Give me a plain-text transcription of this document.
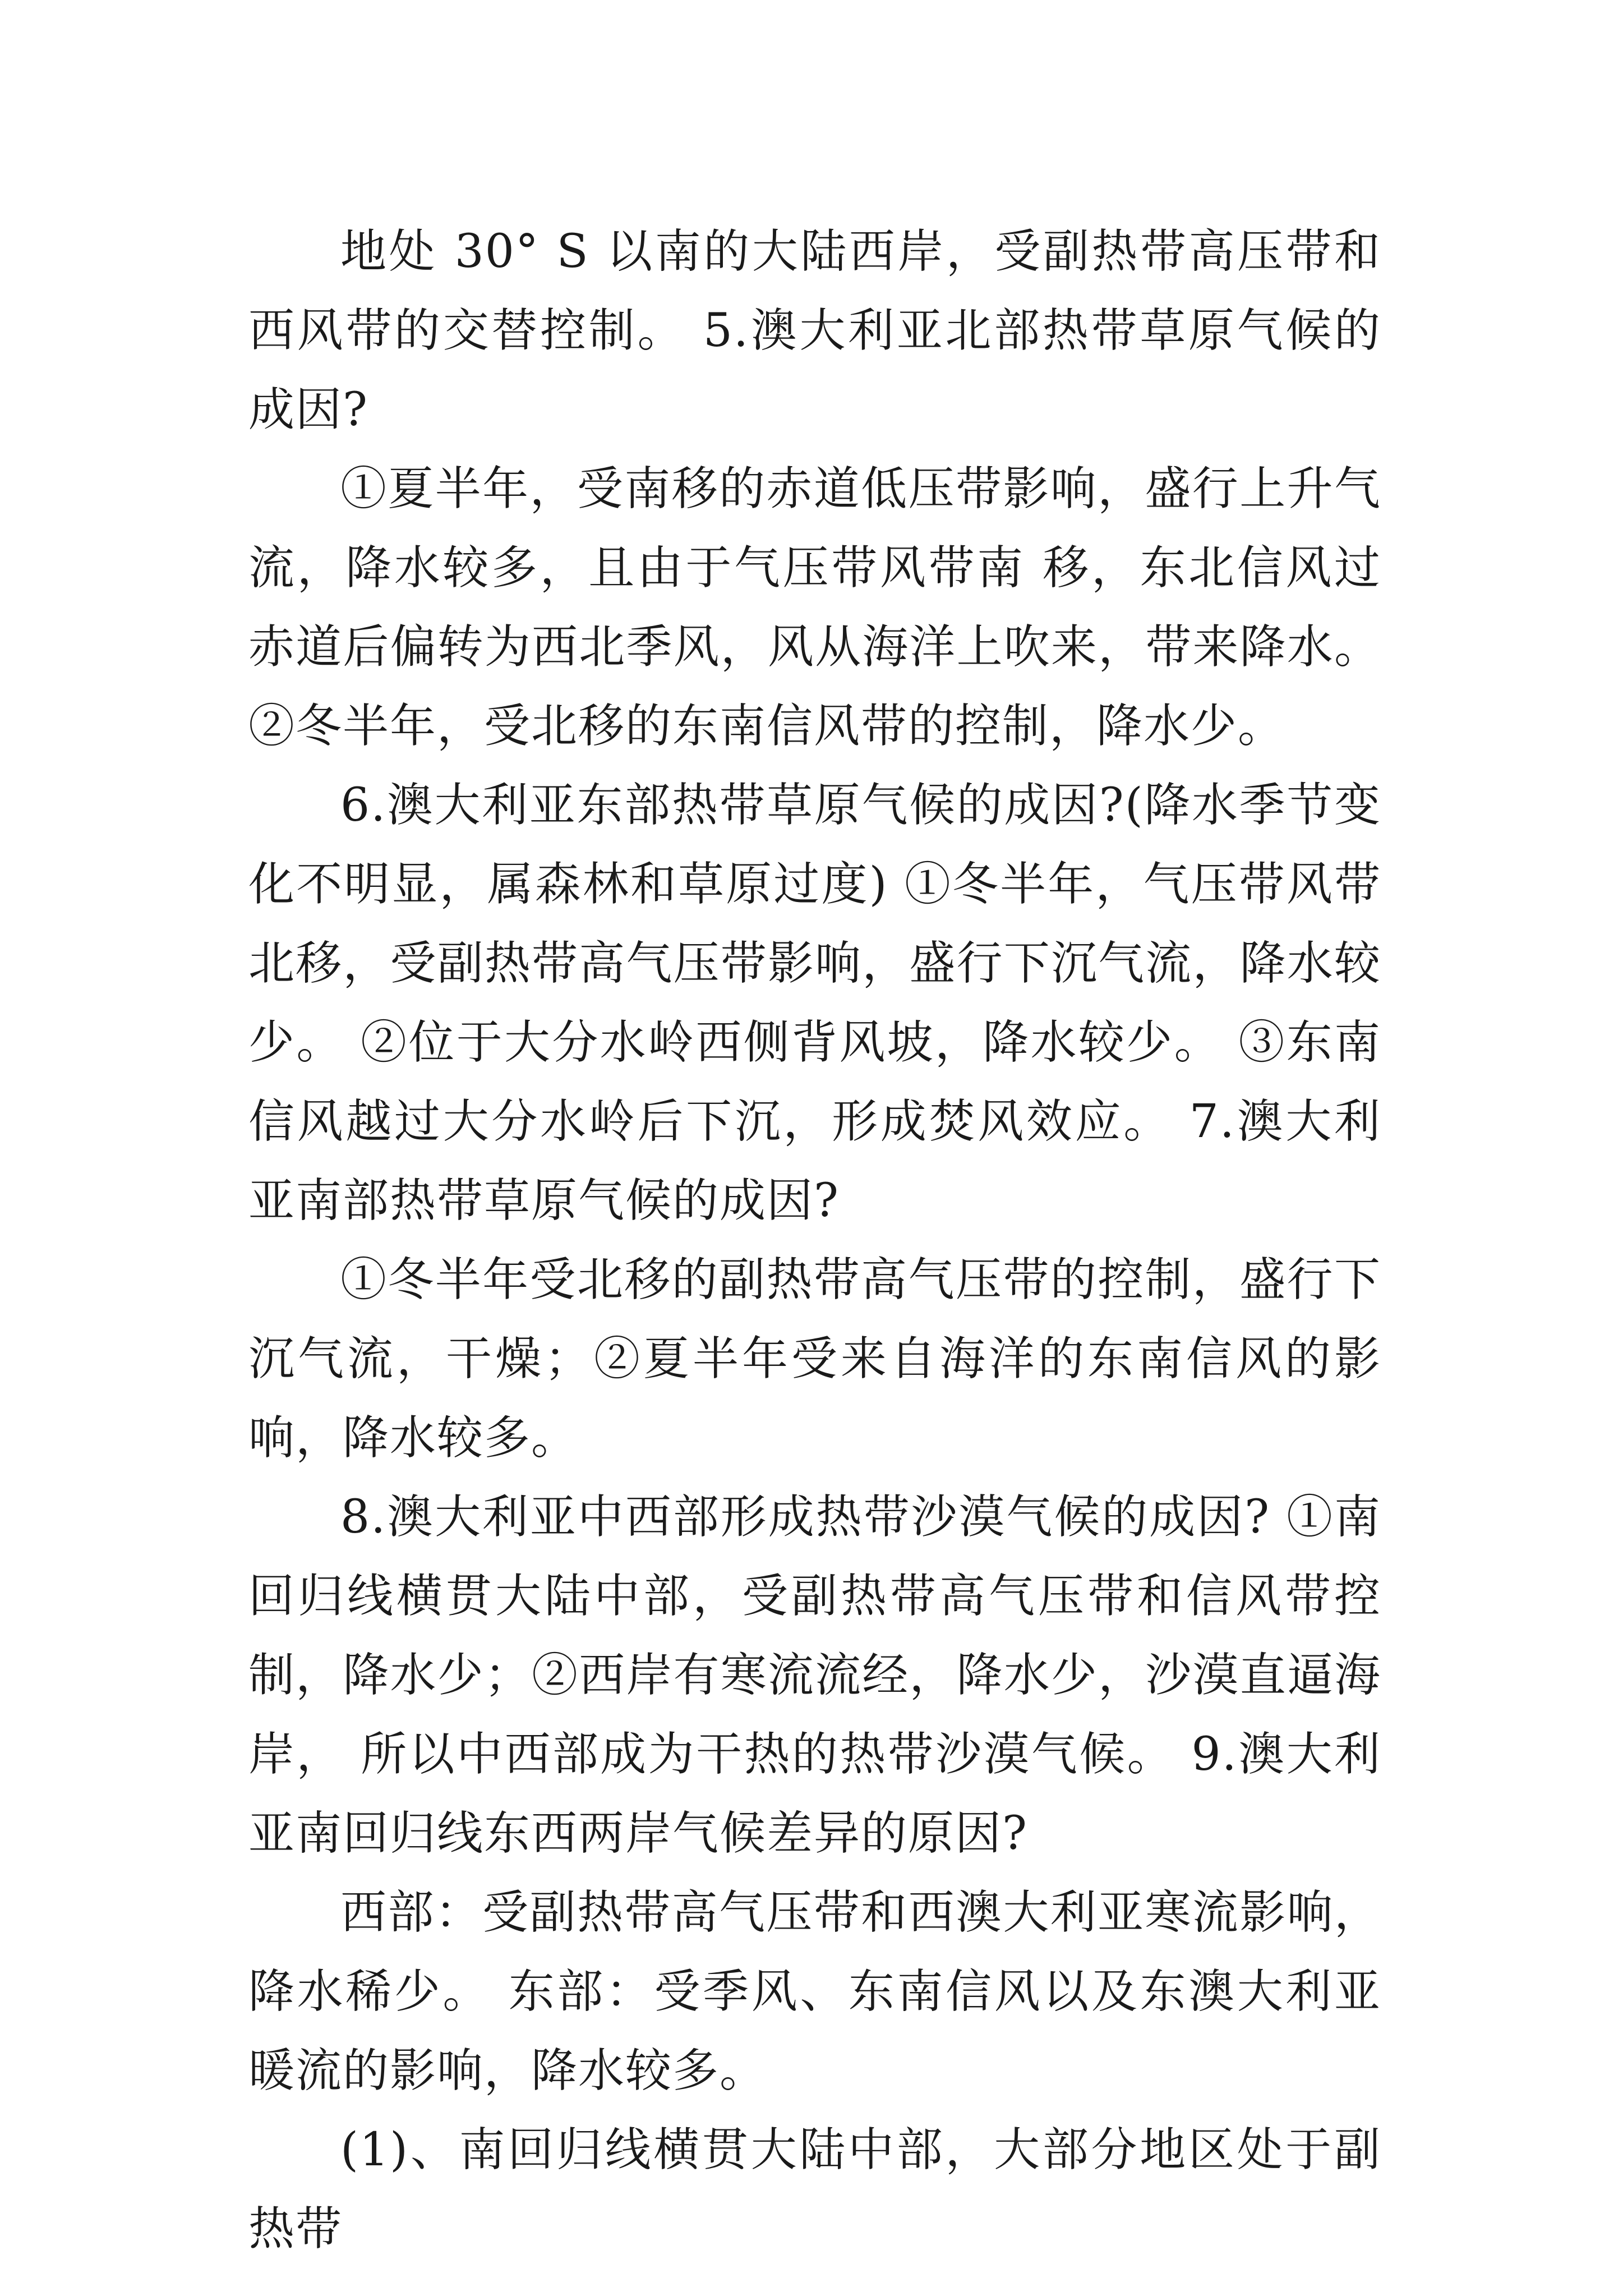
地处 30° S 以南的大陆西岸，受副热带高压带和西风带的交替控制。 5.澳大利亚北部热带草原气候的成因?

①夏半年，受南移的赤道低压带影响，盛行上升气流，降水较多，且由于气压带风带南 移，东北信风过赤道后偏转为西北季风，风从海洋上吹来，带来降水。 ②冬半年，受北移的东南信风带的控制，降水少。

6.澳大利亚东部热带草原气候的成因?(降水季节变化不明显，属森林和草原过度) ①冬半年，气压带风带北移，受副热带高气压带影响，盛行下沉气流，降水较少。 ②位于大分水岭西侧背风坡，降水较少。 ③东南信风越过大分水岭后下沉，形成焚风效应。 7.澳大利亚南部热带草原气候的成因?

①冬半年受北移的副热带高气压带的控制，盛行下沉气流，干燥；②夏半年受来自海洋的东南信风的影响，降水较多。

8.澳大利亚中西部形成热带沙漠气候的成因? ①南回归线横贯大陆中部，受副热带高气压带和信风带控制，降水少；②西岸有寒流流经，降水少，沙漠直逼海岸， 所以中西部成为干热的热带沙漠气候。 9.澳大利亚南回归线东西两岸气候差异的原因?

西部：受副热带高气压带和西澳大利亚寒流影响，降水稀少。 东部：受季风、东南信风以及东澳大利亚暖流的影响，降水较多。

(1)、南回归线横贯大陆中部，大部分地区处于副热带
